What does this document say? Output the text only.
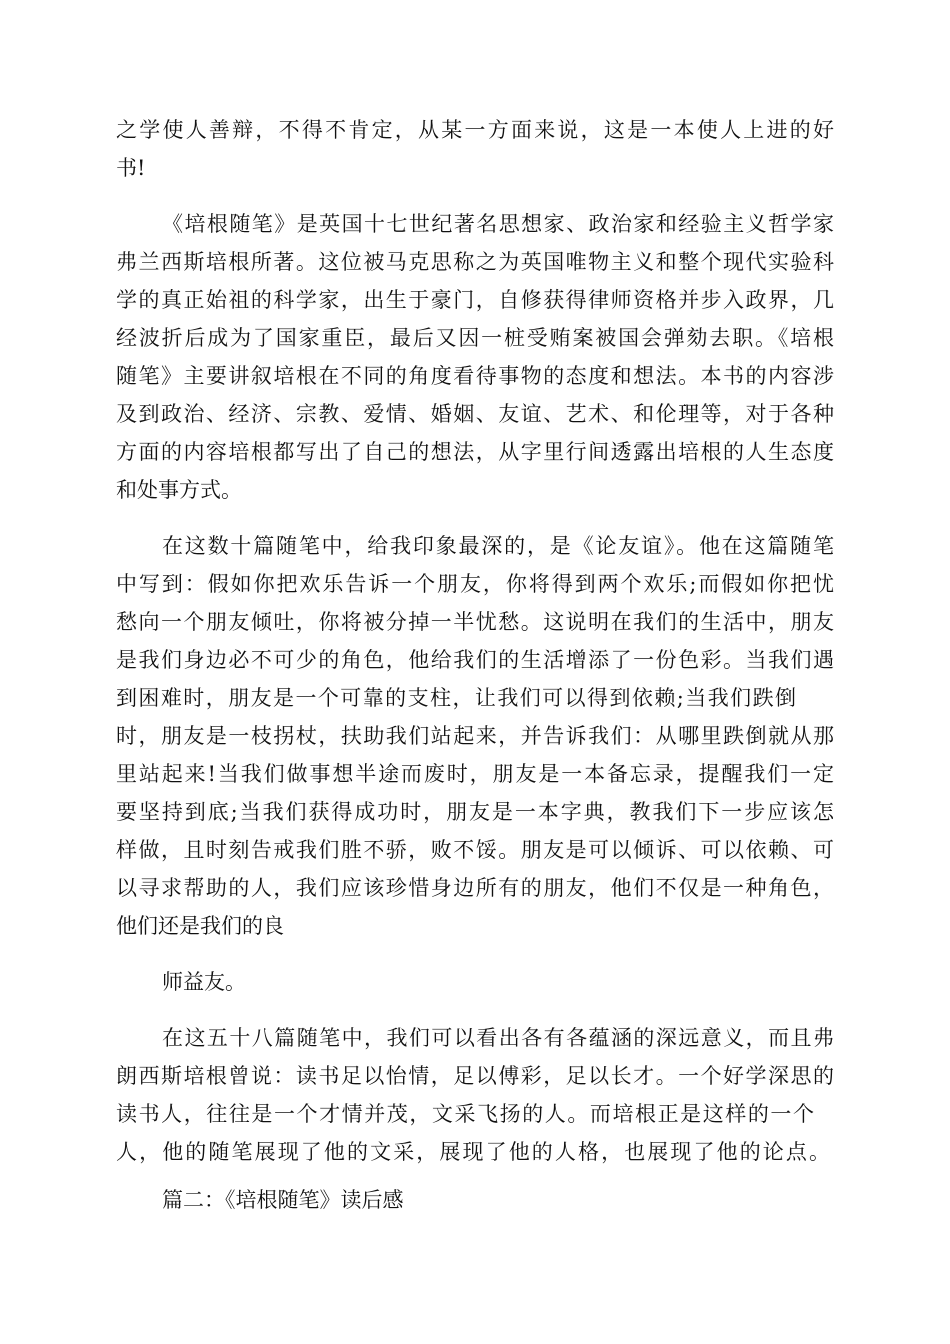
之学使人善辩，不得不肯定，从某一方面来说，这是一本使人上进的好
书!
《培根随笔》是英国十七世纪著名思想家、政治家和经验主义哲学家
弗兰西斯培根所著。这位被马克思称之为英国唯物主义和整个现代实验科
学的真正始祖的科学家，出生于豪门，自修获得律师资格并步入政界，几
经波折后成为了国家重臣，最后又因一桩受贿案被国会弹劾去职。《培根
随笔》主要讲叙培根在不同的角度看待事物的态度和想法。本书的内容涉
及到政治、经济、宗教、爱情、婚姻、友谊、艺术、和伦理等，对于各种
方面的内容培根都写出了自己的想法，从字里行间透露出培根的人生态度
和处事方式。
在这数十篇随笔中，给我印象最深的，是《论友谊》。他在这篇随笔
中写到：假如你把欢乐告诉一个朋友，你将得到两个欢乐;而假如你把忧
愁向一个朋友倾吐，你将被分掉一半忧愁。这说明在我们的生活中，朋友
是我们身边必不可少的角色，他给我们的生活增添了一份色彩。当我们遇
到困难时，朋友是一个可靠的支柱，让我们可以得到依赖;当我们跌倒
时，朋友是一枝拐杖，扶助我们站起来，并告诉我们：从哪里跌倒就从那
里站起来!当我们做事想半途而废时，朋友是一本备忘录，提醒我们一定
要坚持到底;当我们获得成功时，朋友是一本字典，教我们下一步应该怎
样做，且时刻告戒我们胜不骄，败不馁。朋友是可以倾诉、可以依赖、可
以寻求帮助的人，我们应该珍惜身边所有的朋友，他们不仅是一种角色，
他们还是我们的良
师益友。
在这五十八篇随笔中，我们可以看出各有各蕴涵的深远意义，而且弗
朗西斯培根曾说：读书足以怡情，足以傅彩，足以长才。一个好学深思的
读书人，往往是一个才情并茂，文采飞扬的人。而培根正是这样的一个
人，他的随笔展现了他的文采，展现了他的人格，也展现了他的论点。
篇二：《培根随笔》读后感
